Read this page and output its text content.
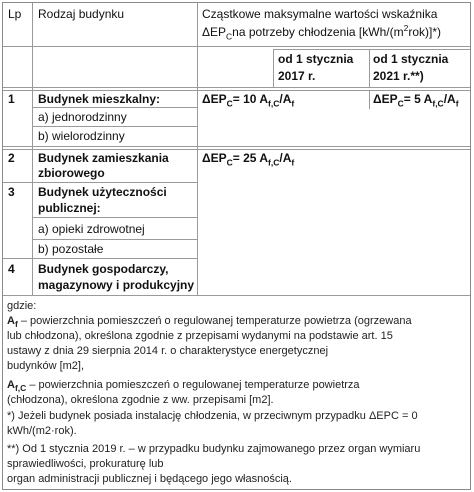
Lp Rodzaj budynku	Cząstkowe maksymalne wartości wskaźnika
$\Delta EP_Cna$ potrzeby chłodzenia $[kWh/(m^2rok)]*$)
od 1 stycznia
2017 r.
od 1 stycznia
2021 r.**)
1 Budynek mieszkalny:
a) jednorodzinny
b) wielorodzinny
$\Delta EP_C= 10$ $A_{f,C}/A_f$	$\Delta EP_C= 5$ $A_{f,C}/A_f$
2 Budynek zamieszkania
zbiorowego
$\Delta EP_C= 25$ $A_{f,C}/A_f$
3 Budynek użyteczności
publicznej:
a) opieki zdrowotnej
b) pozostałe
4 Budynek gospodarczy,
magazynowy i produkcyjny
gdzie:
$A_f$ – powierzchnia pomieszczeń o regulowanej temperaturze powietrza (ogrzewana
lub chłodzona), określona zgodnie z przepisami wydanymi na podstawie art. 15
ustawy z dnia 29 sierpnia 2014 r. o charakterystyce energetycznej
budynków [m2],
$A_{f,C}$ – powierzchnia pomieszczeń o regulowanej temperaturze powietrza
(chłodzona), określona zgodnie z ww. przepisami [m2].
*) Jeżeli budynek posiada instalację chłodzenia, w przeciwnym przypadku ΔEPC = 0
kWh/(m2·rok).
**) Od 1 stycznia 2019 r. – w przypadku budynku zajmowanego przez organ wymiaru
sprawiedliwości, prokuraturę lub
organ administracji publicznej i będącego jego własnością.
